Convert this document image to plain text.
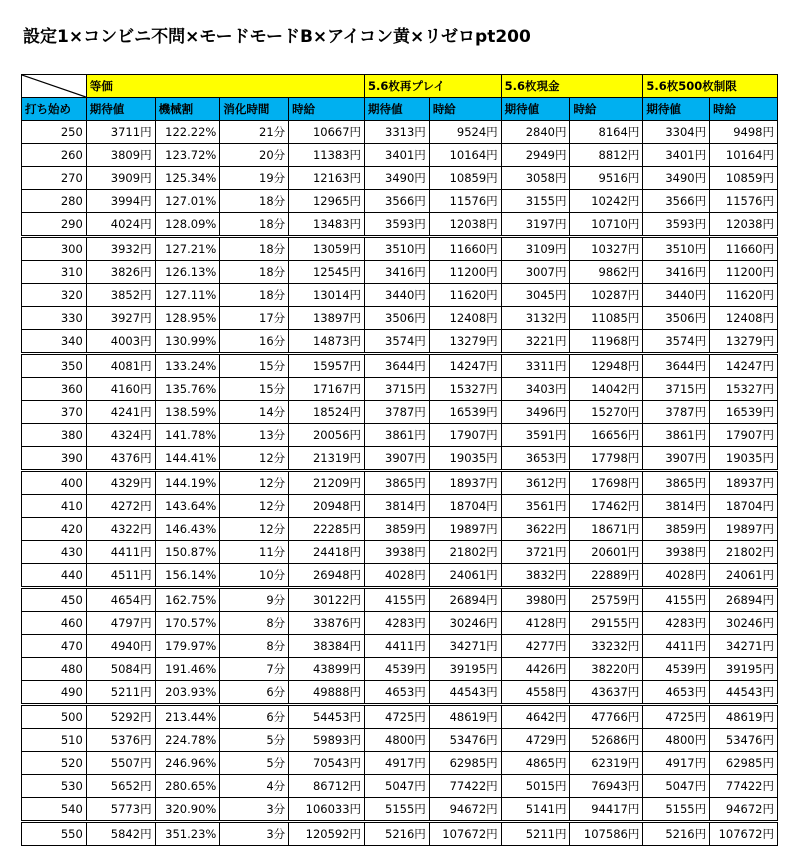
設定1×コンビニ不問×モードモードB×アイコン黄×リゼロpt200
	等価				5.6枚再プレイ		5.6枚現金		5.6枚500枚制限	
打ち始め	期待値	機械割	消化時間	時給	期待値	時給	期待値	時給	期待値	時給
250	3711円	122.22%	21分	10667円	3313円	9524円	2840円	8164円	3304円	9498円
260	3809円	123.72%	20分	11383円	3401円	10164円	2949円	8812円	3401円	10164円
270	3909円	125.34%	19分	12163円	3490円	10859円	3058円	9516円	3490円	10859円
280	3994円	127.01%	18分	12965円	3566円	11576円	3155円	10242円	3566円	11576円
290	4024円	128.09%	18分	13483円	3593円	12038円	3197円	10710円	3593円	12038円
300	3932円	127.21%	18分	13059円	3510円	11660円	3109円	10327円	3510円	11660円
310	3826円	126.13%	18分	12545円	3416円	11200円	3007円	9862円	3416円	11200円
320	3852円	127.11%	18分	13014円	3440円	11620円	3045円	10287円	3440円	11620円
330	3927円	128.95%	17分	13897円	3506円	12408円	3132円	11085円	3506円	12408円
340	4003円	130.99%	16分	14873円	3574円	13279円	3221円	11968円	3574円	13279円
350	4081円	133.24%	15分	15957円	3644円	14247円	3311円	12948円	3644円	14247円
360	4160円	135.76%	15分	17167円	3715円	15327円	3403円	14042円	3715円	15327円
370	4241円	138.59%	14分	18524円	3787円	16539円	3496円	15270円	3787円	16539円
380	4324円	141.78%	13分	20056円	3861円	17907円	3591円	16656円	3861円	17907円
390	4376円	144.41%	12分	21319円	3907円	19035円	3653円	17798円	3907円	19035円
400	4329円	144.19%	12分	21209円	3865円	18937円	3612円	17698円	3865円	18937円
410	4272円	143.64%	12分	20948円	3814円	18704円	3561円	17462円	3814円	18704円
420	4322円	146.43%	12分	22285円	3859円	19897円	3622円	18671円	3859円	19897円
430	4411円	150.87%	11分	24418円	3938円	21802円	3721円	20601円	3938円	21802円
440	4511円	156.14%	10分	26948円	4028円	24061円	3832円	22889円	4028円	24061円
450	4654円	162.75%	9分	30122円	4155円	26894円	3980円	25759円	4155円	26894円
460	4797円	170.57%	8分	33876円	4283円	30246円	4128円	29155円	4283円	30246円
470	4940円	179.97%	8分	38384円	4411円	34271円	4277円	33232円	4411円	34271円
480	5084円	191.46%	7分	43899円	4539円	39195円	4426円	38220円	4539円	39195円
490	5211円	203.93%	6分	49888円	4653円	44543円	4558円	43637円	4653円	44543円
500	5292円	213.44%	6分	54453円	4725円	48619円	4642円	47766円	4725円	48619円
510	5376円	224.78%	5分	59893円	4800円	53476円	4729円	52686円	4800円	53476円
520	5507円	246.96%	5分	70543円	4917円	62985円	4865円	62319円	4917円	62985円
530	5652円	280.65%	4分	86712円	5047円	77422円	5015円	76943円	5047円	77422円
540	5773円	320.90%	3分	106033円	5155円	94672円	5141円	94417円	5155円	94672円
550	5842円	351.23%	3分	120592円	5216円	107672円	5211円	107586円	5216円	107672円
